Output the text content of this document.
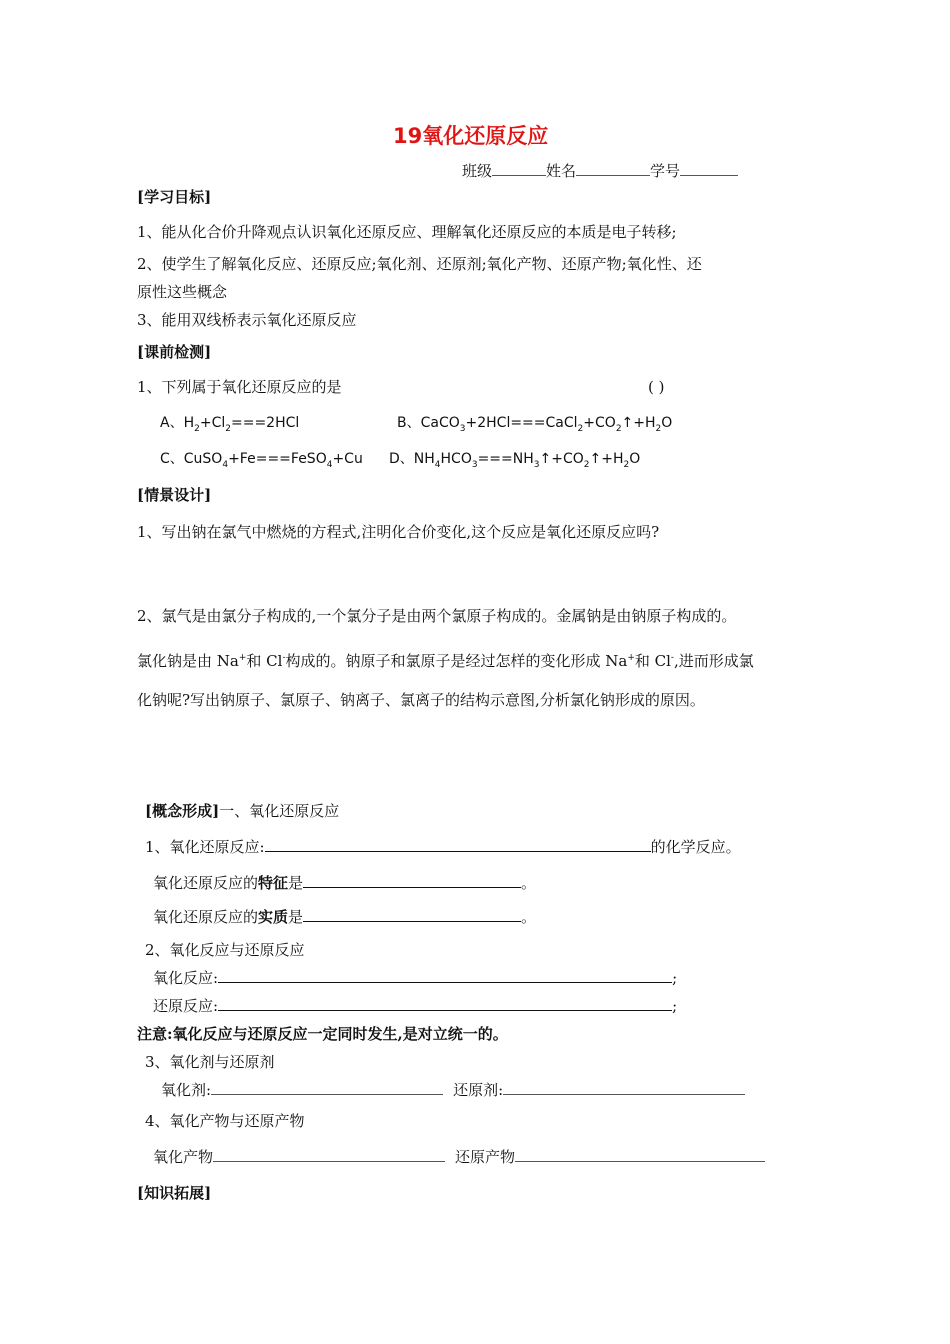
19氧化还原反应
班级	姓名	学号
[学习目标]
1、能从化合价升降观点认识氧化还原反应、理解氧化还原反应的本质是电子转移;
2、使学生了解氧化反应、还原反应;氧化剂、还原剂;氧化产物、还原产物;氧化性、还
原性这些概念
3、能用双线桥表示氧化还原反应
[课前检测]
1、下列属于氧化还原反应的是	( )
A、$H_2+Cl_2===2HCl$	B、$CaCO_3+2HCl===CaCl_2+CO_2↑+H_2O$
C、CuSO$_4$+Fe===FeSO$_4$+Cu D、$NH_4HCO_3===NH_3↑+CO_2↑+H_2O$
[情景设计]
1、写出钠在氯气中燃烧的方程式,注明化合价变化,这个反应是氧化还原反应吗?
2、氯气是由氯分子构成的,一个氯分子是由两个氯原子构成的。金属钠是由钠原子构成的。
氯化钠是由 Na+和 Cl-构成的。钠原子和氯原子是经过怎样的变化形成 Na+和 Cl-,进而形成氯
化钠呢?写出钠原子、氯原子、钠离子、氯离子的结构示意图,分析氯化钠形成的原因。
[概念形成]一、氧化还原反应
1、氧化还原反应:	的化学反应。
氧化还原反应的特征是	。
氧化还原反应的实质是	。
2、氧化反应与还原反应
氧化反应:	;
还原反应:	;
注意:氧化反应与还原反应一定同时发生,是对立统一的。
3、氧化剂与还原剂
氧化剂:	还原剂:
4、氧化产物与还原产物
氧化产物	还原产物
[知识拓展]
